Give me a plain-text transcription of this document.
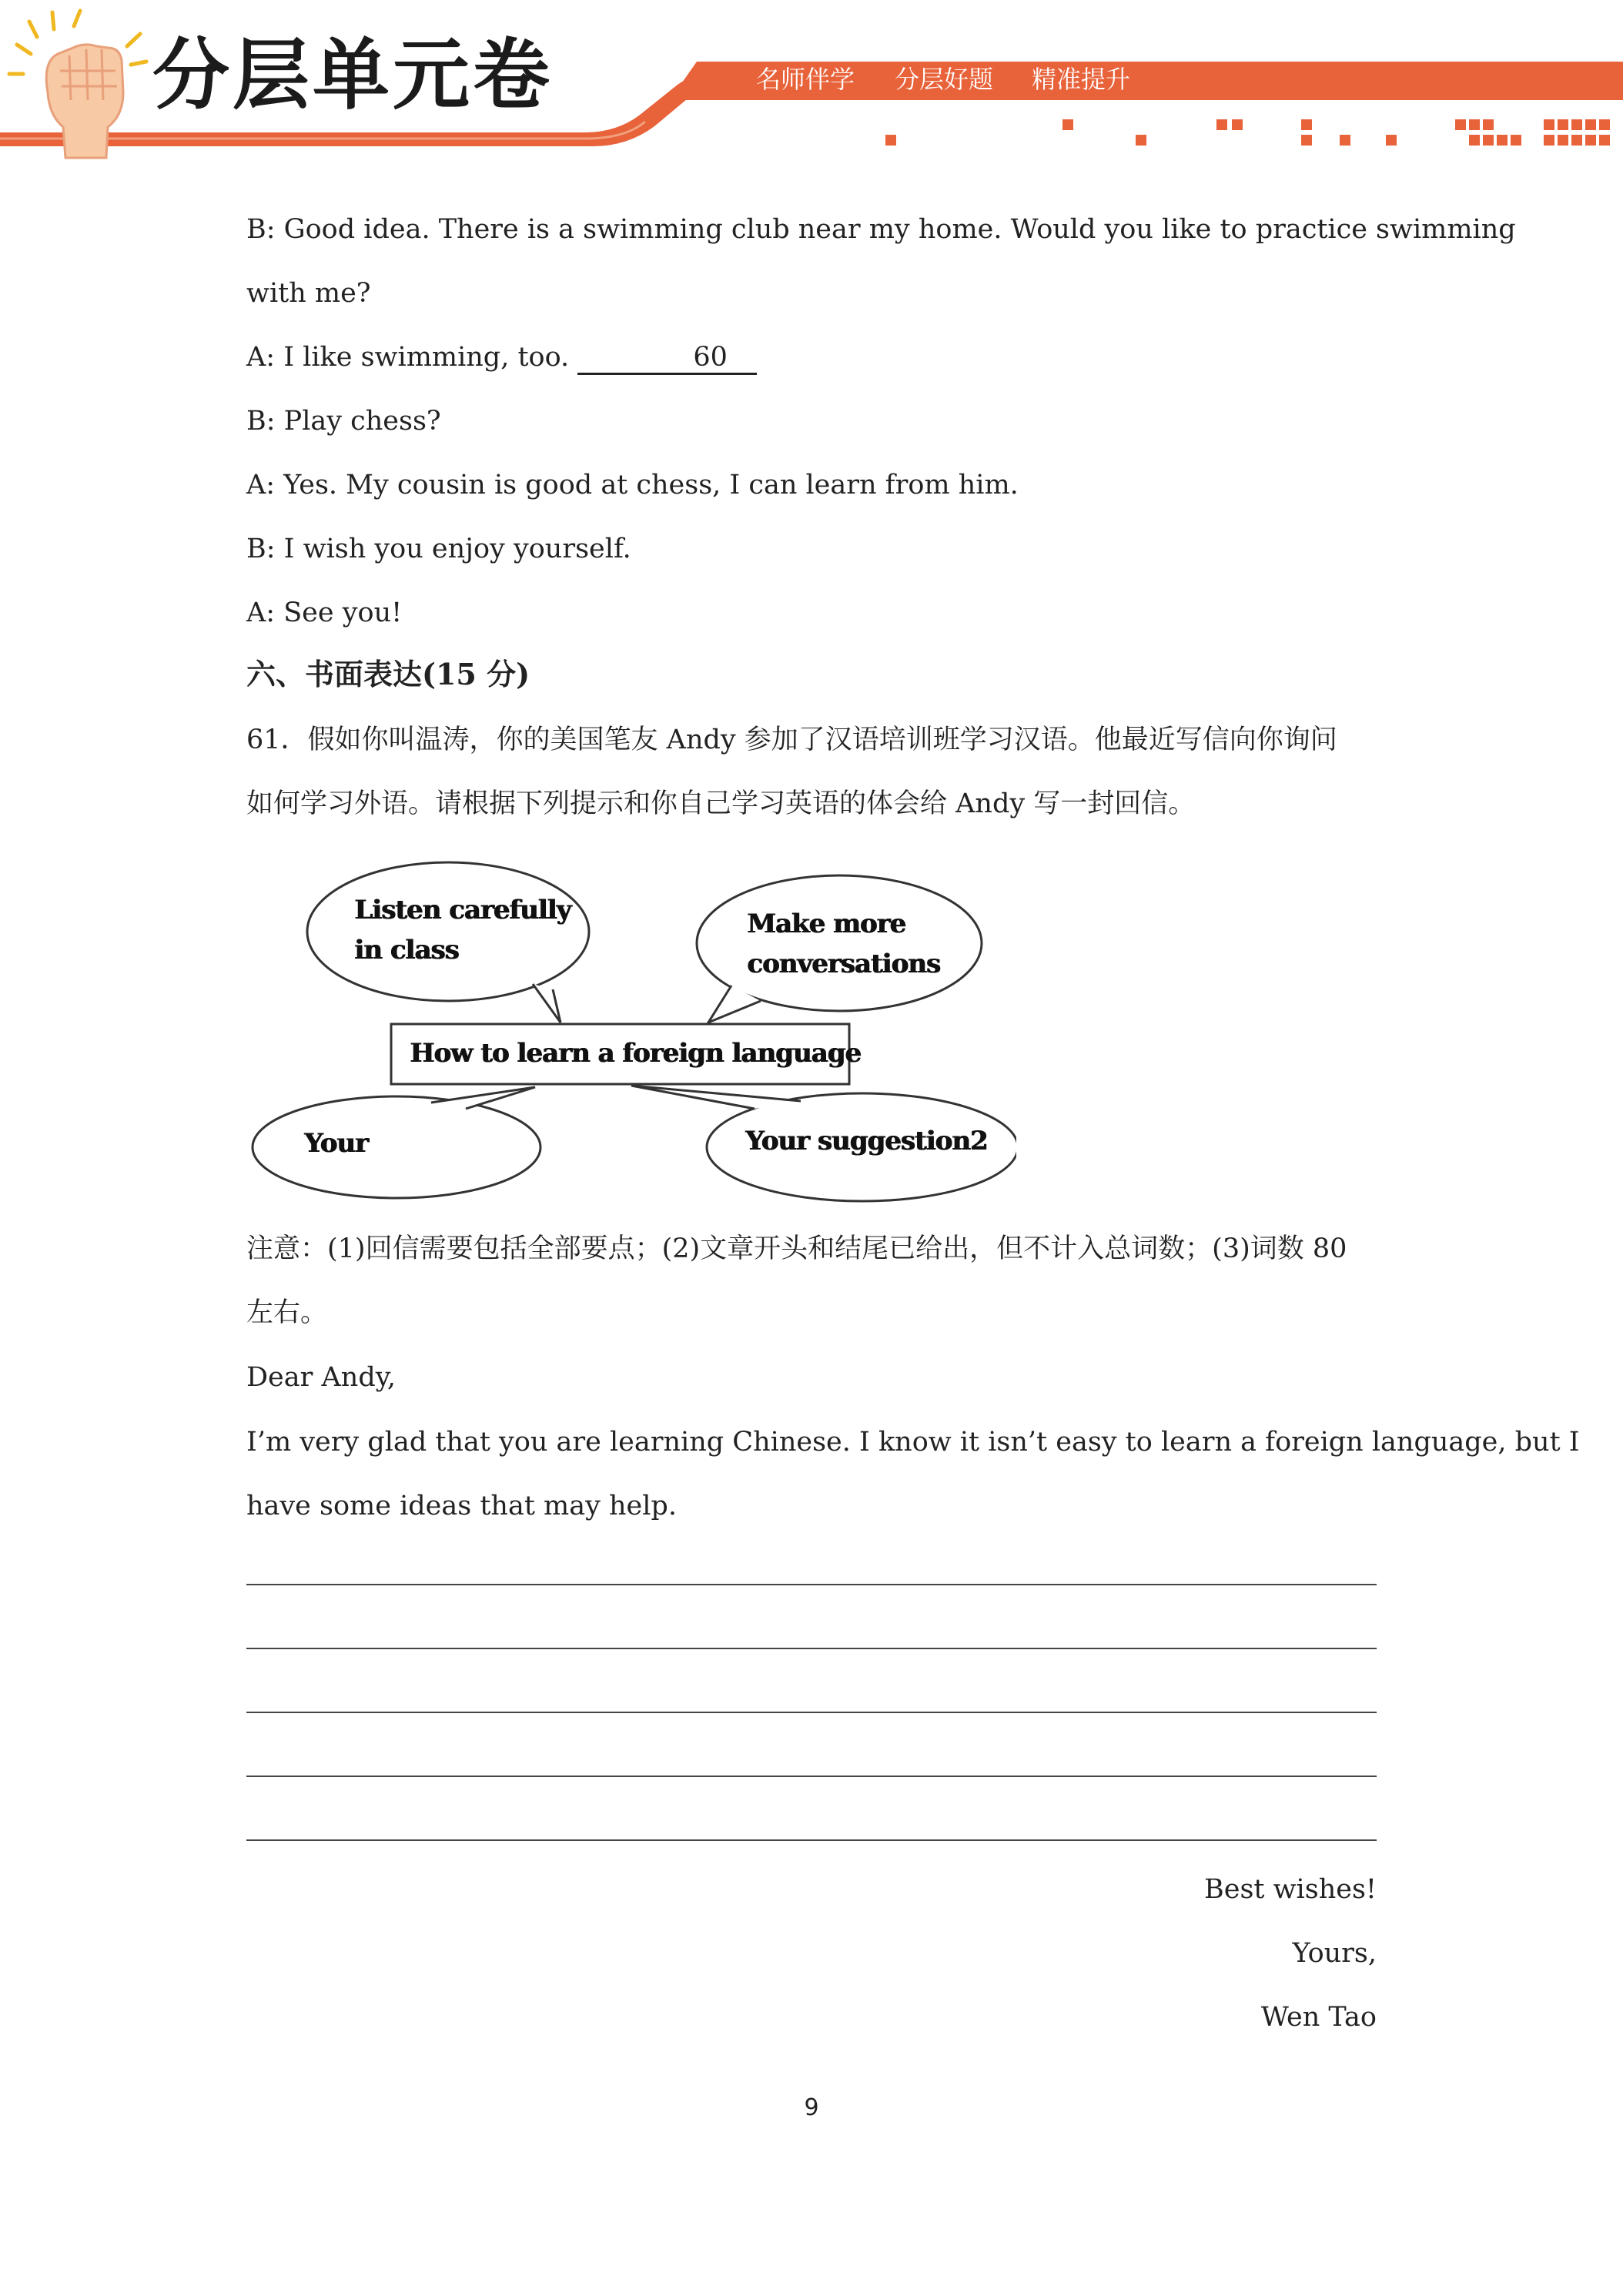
分层单元卷	名师伴学 分层好题 精准提升
B: Good idea. There is a swimming club near my home. Would you like to practice swimming
with me?
A: I like swimming, too.	60
B: Play chess?
A: Yes. My cousin is good at chess, I can learn from him.
B: I wish you enjoy yourself.
A: See you!
六、书面表达(15 分)
61．假如你叫温涛，你的美国笔友 Andy 参加了汉语培训班学习汉语。他最近写信向你询问
如何学习外语。请根据下列提示和你自己学习英语的体会给 Andy 写一封回信。
Listen carefully
in class
Make more
conversations
How to learn a foreign language
Your	Your suggestion2
注意：(1)回信需要包括全部要点；(2)文章开头和结尾已给出，但不计入总词数；(3)词数 80
左右。
Dear Andy,
I’m very glad that you are learning Chinese. I know it isn’t easy to learn a foreign language, but I
have some ideas that may help.
Best wishes!
Yours,
Wen Tao
9
